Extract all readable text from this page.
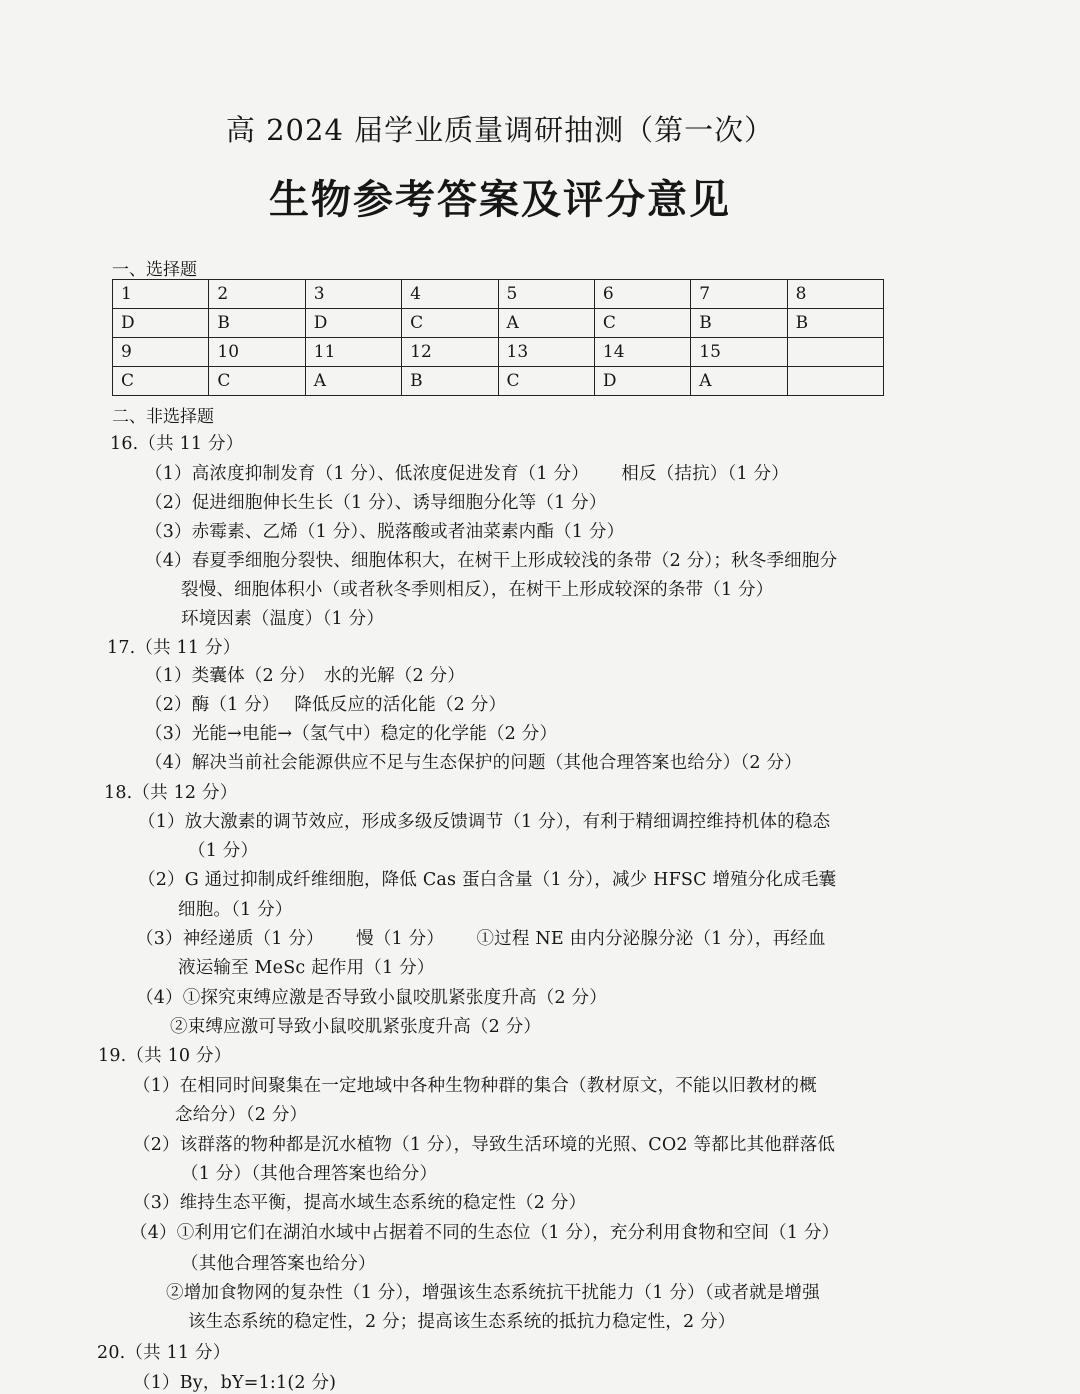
高 2024 届学业质量调研抽测（第一次）
生物参考答案及评分意见
一、选择题
1	2	3	4	5	6	7	8
D	B	D	C	A	C	B	B
9	10	11	12	13	14	15	
C	C	A	B	C	D	A	
二、非选择题
16.（共 11 分）
（1）高浓度抑制发育（1 分）、低浓度促进发育（1 分）　　 相反（拮抗）（1 分）
（2）促进细胞伸长生长（1 分）、诱导细胞分化等（1 分）
（3）赤霉素、乙烯（1 分）、脱落酸或者油菜素内酯（1 分）
（4）春夏季细胞分裂快、细胞体积大，在树干上形成较浅的条带（2 分）；秋冬季细胞分
裂慢、细胞体积小（或者秋冬季则相反），在树干上形成较深的条带（1 分）
环境因素（温度）（1 分）
17.（共 11 分）
（1）类囊体（2 分）　水的光解（2 分）
（2）酶（1 分）　 降低反应的活化能（2 分）
（3）光能→电能→（氢气中）稳定的化学能（2 分）
（4）解决当前社会能源供应不足与生态保护的问题（其他合理答案也给分）（2 分）
18.（共 12 分）
（1）放大激素的调节效应，形成多级反馈调节（1 分），有利于精细调控维持机体的稳态
（1 分）
（2）G 通过抑制成纤维细胞，降低 Cas 蛋白含量（1 分），减少 HFSC 增殖分化成毛囊
细胞。（1 分）
（3）神经递质（1 分）　　 慢（1 分）　　 ①过程 NE 由内分泌腺分泌（1 分），再经血
液运输至 MeSc 起作用（1 分）
（4）①探究束缚应激是否导致小鼠咬肌紧张度升高（2 分）
②束缚应激可导致小鼠咬肌紧张度升高（2 分）
19.（共 10 分）
（1）在相同时间聚集在一定地域中各种生物种群的集合（教材原文，不能以旧教材的概
念给分）（2 分）
（2）该群落的物种都是沉水植物（1 分），导致生活环境的光照、CO2 等都比其他群落低
（1 分）（其他合理答案也给分）
（3）维持生态平衡，提高水域生态系统的稳定性（2 分）
（4）①利用它们在湖泊水域中占据着不同的生态位（1 分），充分利用食物和空间（1 分）
（其他合理答案也给分）
②增加食物网的复杂性（1 分），增强该生态系统抗干扰能力（1 分）（或者就是增强
该生态系统的稳定性，2 分；提高该生态系统的抵抗力稳定性，2 分）
20.（共 11 分）
（1）By，bY=1:1(2 分)
